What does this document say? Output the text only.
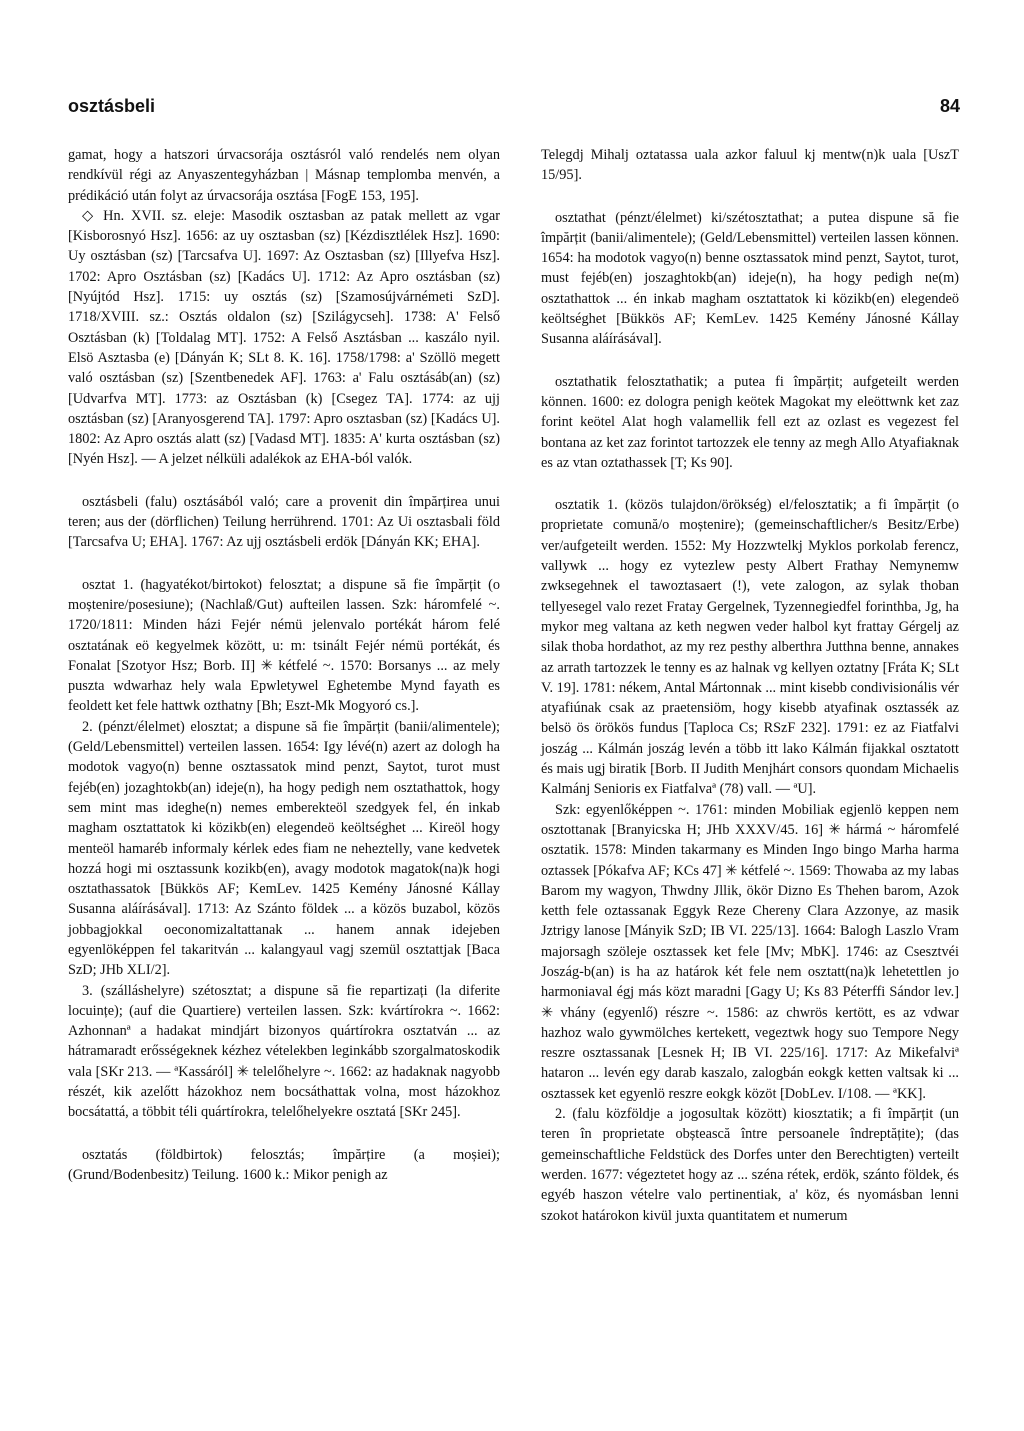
osztásbeli	84

gamat, hogy a hatszori úrvacsorája osztásról való rendelés nem olyan rendkívül régi az Anyaszentegyházban | Másnap templomba menvén, a prédikáció után folyt az úrvacsorája osztása [FogE 153, 195].

◇ Hn. XVII. sz. eleje: Masodik osztasban az patak mellett az vgar [Kisborosnyó Hsz]. 1656: az uy osztasban (sz) [Kézdisztlélek Hsz]. 1690: Uy osztásban (sz) [Tarcsafva U]. 1697: Az Osztasban (sz) [Illyefva Hsz]. 1702: Apro Osztásban (sz) [Kadács U]. 1712: Az Apro osztásban (sz) [Nyújtód Hsz]. 1715: uy osztás (sz) [Szamosújvárnémeti SzD]. 1718/XVIII. sz.: Osztás oldalon (sz) [Szilágycseh]. 1738: A' Felső Osztásban (k) [Toldalag MT]. 1752: A Felső Asztásban ... kaszálo nyil. Elsö Asztasba (e) [Dányán K; SLt 8. K. 16]. 1758/1798: a' Szöllö megett való osztásban (sz) [Szentbenedek AF]. 1763: a' Falu osztásáb(an) (sz) [Udvarfva MT]. 1773: az Osztásban (k) [Csegez TA]. 1774: az ujj osztásban (sz) [Aranyosgerend TA]. 1797: Apro osztasban (sz) [Kadács U]. 1802: Az Apro osztás alatt (sz) [Vadasd MT]. 1835: A' kurta osztásban (sz) [Nyén Hsz]. — A jelzet nélküli adalékok az EHA-ból valók.

osztásbeli (falu) osztásából való; care a provenit din împărțirea unui teren; aus der (dörflichen) Teilung herrührend. 1701: Az Ui osztasbali föld [Tarcsafva U; EHA]. 1767: Az ujj osztásbeli erdök [Dányán KK; EHA].

osztat 1. (hagyatékot/birtokot) felosztat; a dispune să fie împărțit (o moștenire/posesiune); (Nachlaß/Gut) aufteilen lassen. Szk: háromfelé ~. 1720/1811: Minden házi Fejér némü jelenvalo portékát három felé osztatának eö kegyelmek között, u: m: tsinált Fejér némü portékát, és Fonalat [Szotyor Hsz; Borb. II] ✳ kétfelé ~. 1570: Borsanys ... az mely puszta wdwarhaz hely wala Epwletywel Eghetembe Mynd fayath es feoldett ket fele hattwk ozthatny [Bh; Eszt-Mk Mogyoró cs.].

2. (pénzt/élelmet) elosztat; a dispune să fie împărțit (banii/alimentele); (Geld/Lebensmittel) verteilen lassen. 1654: Igy lévé(n) azert az dologh ha modotok vagyo(n) benne osztassatok mind penzt, Saytot, turot must fejéb(en) jozaghtokb(an) ideje(n), ha hogy pedigh nem osztathattok, hogy sem mint mas ideghe(n) nemes emberekteöl szedgyek fel, én inkab magham osztattatok ki közikb(en) elegendeö keöltséghet ... Kireöl hogy menteöl hamaréb informaly kérlek edes fiam ne neheztelly, vane kedvetek hozzá hogi mi osztassunk kozikb(en), avagy modotok magatok(na)k hogi osztathassatok [Bükkös AF; KemLev. 1425 Kemény Jánosné Kállay Susanna aláírásával]. 1713: Az Szánto földek ... a közös buzabol, közös jobbagjokkal oeconomizaltattanak ... hanem annak idejeben egyenlöképpen fel takaritván ... kalangyaul vagj szemül osztattjak [Baca SzD; JHb XLI/2].

3. (szálláshelyre) szétosztat; a dispune să fie repartizați (la diferite locuințe); (auf die Quartiere) verteilen lassen. Szk: kvártírokra ~. 1662: Azhonnanª a hadakat mindjárt bizonyos quártírokra osztatván ... az hátramaradt erősségeknek kézhez vételekben leginkább szorgalmatoskodik vala [SKr 213. — ªKassáról] ✳ telelőhelyre ~. 1662: az hadaknak nagyobb részét, kik azelőtt házokhoz nem bocsáthattak volna, most házokhoz bocsátattá, a többit téli quártírokra, telelőhelyekre osztatá [SKr 245].

osztatás (földbirtok) felosztás; împărțire (a moșiei); (Grund/Bodenbesitz) Teilung. 1600 k.: Mikor penigh az

Telegdj Mihalj oztatassa uala azkor faluul kj mentw(n)k uala [UszT 15/95].

osztathat (pénzt/élelmet) ki/szétosztathat; a putea dispune să fie împărțit (banii/alimentele); (Geld/Lebensmittel) verteilen lassen können. 1654: ha modotok vagyo(n) benne osztassatok mind penzt, Saytot, turot, must fejéb(en) joszaghtokb(an) ideje(n), ha hogy pedigh ne(m) osztathattok ... én inkab magham osztattatok ki közikb(en) elegendeö keöltséghet [Bükkös AF; KemLev. 1425 Kemény Jánosné Kállay Susanna aláírásával].

osztathatik felosztathatik; a putea fi împărțit; aufgeteilt werden können. 1600: ez dologra penigh keötek Magokat my eleöttwnk ket zaz forint keötel Alat hogh valamellik fell ezt az ozlast es vegezest fel bontana az ket zaz forintot tartozzek ele tenny az megh Allo Atyafiaknak es az vtan oztathassek [T; Ks 90].

osztatik 1. (közös tulajdon/örökség) el/felosztatik; a fi împărțit (o proprietate comună/o moștenire); (gemeinschaftlicher/s Besitz/Erbe) ver/aufgeteilt werden. 1552: My Hozzwtelkj Myklos porkolab ferencz, vallywk ... hogy ez vytezlew pesty Albert Frathay Nemynemw zwksegehnek el tawoztasaert (!), vete zalogon, az sylak thoban tellyesegel valo rezet Fratay Gergelnek, Tyzennegiedfel forinthba, Jg, ha mykor meg valtana az keth negwen veder halbol kyt frattay Gérgelj az silak thoba hordathot, az my rez pesthy alberthra Jutthna benne, annakes az arrath tartozzek le tenny es az halnak vg kellyen oztatny [Fráta K; SLt V. 19]. 1781: nékem, Antal Mártonnak ... mint kisebb condivisionális vér atyafiúnak csak az praetensiöm, hogy kisebb atyafinak osztassék az belsö ös örökös fundus [Taploca Cs; RSzF 232]. 1791: ez az Fiatfalvi joszág ... Kálmán joszág levén a több itt lako Kálmán fijakkal osztatott és mais ugj biratik [Borb. II Judith Menjhárt consors quondam Michaelis Kalmánj Senioris ex Fiatfalvaª (78) vall. — ªU].

Szk: egyenlőképpen ~. 1761: minden Mobiliak egjenlö keppen nem osztottanak [Branyicska H; JHb XXXV/45. 16] ✳ hármá ~ háromfelé osztatik. 1578: Minden takarmany es Minden Ingo bingo Marha harma oztassek [Pókafva AF; KCs 47] ✳ kétfelé ~. 1569: Thowaba az my labas Barom my wagyon, Thwdny Jllik, ökör Dizno Es Thehen barom, Azok ketth fele oztassanak Eggyk Reze Chereny Clara Azzonye, az masik Jztrigy lanose [Mányik SzD; IB VI. 225/13]. 1664: Balogh Laszlo Vram majorsagh szöleje osztassek ket fele [Mv; MbK]. 1746: az Csesztvéi Joszág-b(an) is ha az határok két fele nem osztatt(na)k lehetettlen jo harmoniaval égj más közt maradni [Gagy U; Ks 83 Péterffi Sándor lev.] ✳ vhány (egyenlő) részre ~. 1586: az chwrös kertött, es az vdwar hazhoz walo gywmölches kertekett, vegeztwk hogy suo Tempore Negy reszre osztassanak [Lesnek H; IB VI. 225/16]. 1717: Az Mikefalviª hataron ... levén egy darab kaszalo, zalogbán eokgk ketten valtsak ki ... osztassek ket egyenlö reszre eokgk közöt [DobLev. I/108. — ªKK].

2. (falu közföldje a jogosultak között) kiosztatik; a fi împărțit (un teren în proprietate obștească între persoanele îndreptățite); (das gemeinschaftliche Feldstück des Dorfes unter den Berechtigten) verteilt werden. 1677: végeztetet hogy az ... széna rétek, erdök, szánto földek, és egyéb haszon vételre valo pertinentiak, a' köz, és nyomásban lenni szokot határokon kivül juxta quantitatem et numerum
